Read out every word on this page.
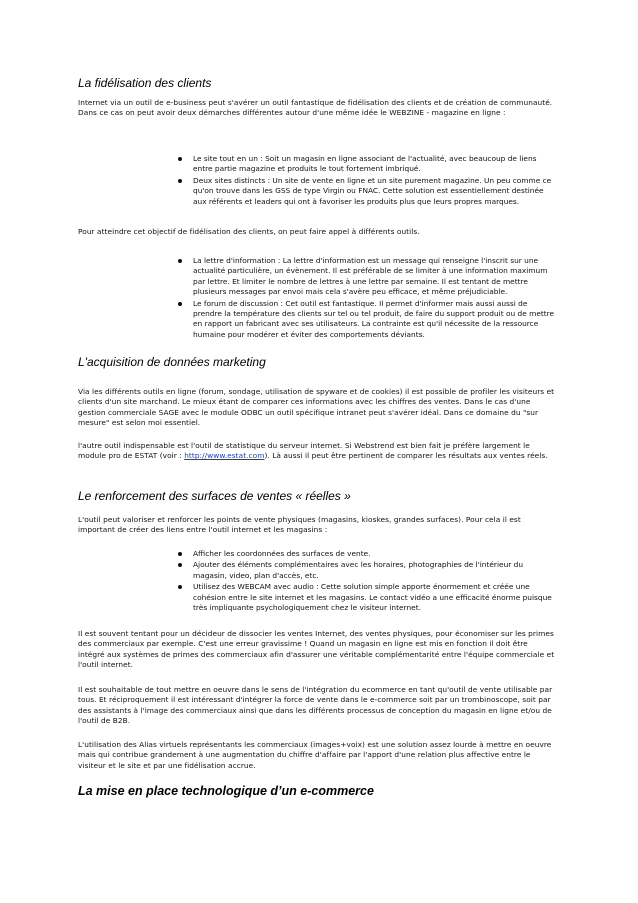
La fidélisation des clients

Internet via un outil de e-business peut s'avérer un outil fantastique de fidélisation des clients et de création de communauté. Dans ce cas on peut avoir deux démarches différentes autour d'une même idée le WEBZINE - magazine en ligne :

Le site tout en un : Soit un magasin en ligne associant de l'actualité, avec beaucoup de liens entre partie magazine et produits le tout fortement imbriqué.
Deux sites distincts : Un site de vente en ligne et un site purement magazine. Un peu comme ce qu'on trouve dans les GSS de type Virgin ou FNAC. Cette solution est essentiellement destinée aux référents et leaders qui ont à favoriser les produits plus que leurs propres marques.

Pour atteindre cet objectif de fidélisation des clients, on peut faire appel à différents outils.

La lettre d'information : La lettre d'information est un message qui renseigne l'inscrit sur une actualité particulière, un évènement. Il est préférable de se limiter à une information maximum par lettre. Et limiter le nombre de lettres à une lettre par semaine. Il est tentant de mettre plusieurs messages par envoi mais cela s'avère peu efficace, et même préjudiciable.
Le forum de discussion : Cet outil est fantastique. Il permet d'informer mais aussi aussi de prendre la température des clients sur tel ou tel produit, de faire du support produit ou de mettre en rapport un fabricant avec ses utilisateurs. La contrainte est qu'il nécessite de la ressource humaine pour modérer et éviter des comportements déviants.
L'acquisition de données marketing

Via les différents outils en ligne (forum, sondage, utilisation de spyware et de cookies) il est possible de profiler les visiteurs et clients d'un site marchand. Le mieux étant de comparer ces informations avec les chiffres des ventes. Dans le cas d'une gestion commerciale SAGE avec le module ODBC un outil spécifique intranet peut s'avérer idéal. Dans ce domaine du "sur mesure" est selon moi essentiel.

l'autre outil indispensable est l'outil de statistique du serveur internet. Si Webstrend est bien fait je préfère largement le module pro de ESTAT (voir : http://www.estat.com). Là aussi il peut être pertinent de comparer les résultats aux ventes réels.

Le renforcement des surfaces de ventes « réelles »

L'outil peut valoriser et renforcer les points de vente physiques (magasins, kioskes, grandes surfaces). Pour cela il est important de créer des liens entre l'outil internet et les magasins :

Afficher les coordonnées des surfaces de vente.
Ajouter des éléments complémentaires avec les horaires, photographies de l'intérieur du magasin, video, plan d'accès, etc.
Utilisez des WEBCAM avec audio : Cette solution simple apporte énormement et créée une cohésion entre le site internet et les magasins. Le contact vidéo a une efficacité énorme puisque très impliquante psychologiquement chez le visiteur internet.

Il est souvent tentant pour un décideur de dissocier les ventes Internet, des ventes physiques, pour économiser sur les primes des commerciaux par exemple. C'est une erreur gravissime ! Quand un magasin en ligne est mis en fonction il doit être intégré aux systèmes de primes des commerciaux afin d'assurer une véritable complémentarité entre l'équipe commerciale et l'outil internet.

Il est souhaitable de tout mettre en oeuvre dans le sens de l'intégration du ecommerce en tant qu'outil de vente utilisable par tous. Et réciproquement il est intéressant d'intégrer la force de vente dans le e-commerce soit par un trombinoscope, soit par des assistants à l'image des commerciaux ainsi que dans les différents processus de conception du magasin en ligne et/ou de l'outil de B2B.

L'utilisation des Alias virtuels représentants les commerciaux (images+voix) est une solution assez lourde à mettre en oeuvre mais qui contribue grandement à une augmentation du chiffre d'affaire par l'apport d'une relation plus affective entre le visiteur et le site et par une fidélisation accrue.

La mise en place technologique d’un e-commerce
